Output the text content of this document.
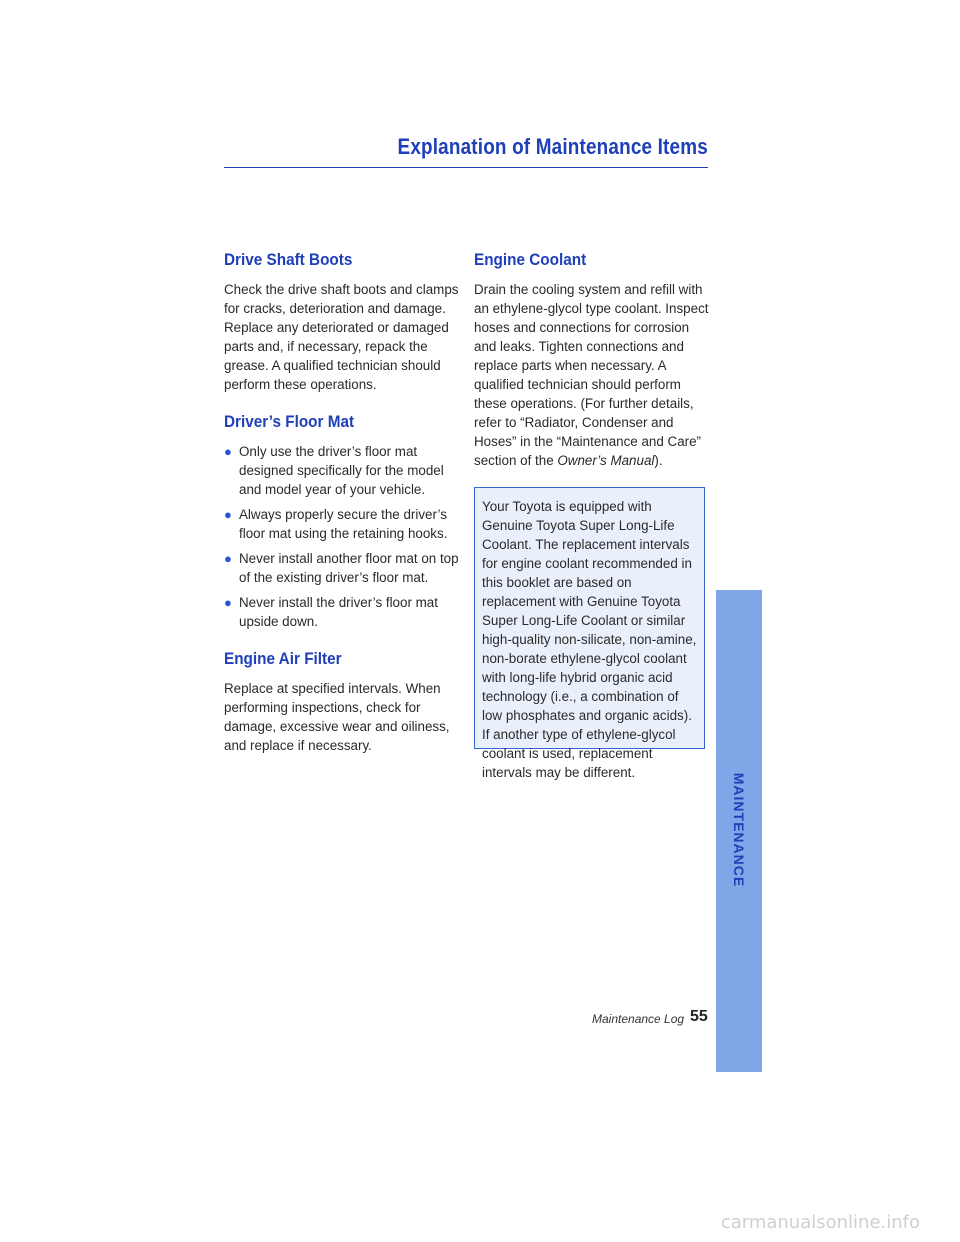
Explanation of Maintenance Items
Drive Shaft Boots

Check the drive shaft boots and clamps for cracks, deterioration and damage. Replace any deteriorated or damaged parts and, if necessary, repack the grease. A qualified technician should perform these operations.

Driver’s Floor Mat
● Only use the driver’s floor mat designed specifically for the model and model year of your vehicle.
● Always properly secure the driver’s floor mat using the retaining hooks.
● Never install another floor mat on top of the existing driver’s floor mat.
● Never install the driver’s floor mat upside down.
Engine Air Filter

Replace at specified intervals. When performing inspections, check for damage, excessive wear and oiliness, and replace if necessary.

Engine Coolant

Drain the cooling system and refill with an ethylene-glycol type coolant. Inspect hoses and connections for corrosion and leaks. Tighten connections and replace parts when necessary. A qualified technician should perform these operations. (For further details, refer to “Radiator, Condenser and Hoses” in the “Maintenance and Care” section of the Owner’s Manual).

Your Toyota is equipped with Genuine Toyota Super Long-Life Coolant. The replacement intervals for engine coolant recommended in this booklet are based on replacement with Genuine Toyota Super Long-Life Coolant or similar high-quality non-silicate, non-amine, non-borate ethylene-glycol coolant with long-life hybrid organic acid technology (i.e., a combination of low phosphates and organic acids). If another type of ethylene-glycol coolant is used, replacement intervals may be different.

MAINTENANCE
Maintenance Log 55
carmanualsonline.info
